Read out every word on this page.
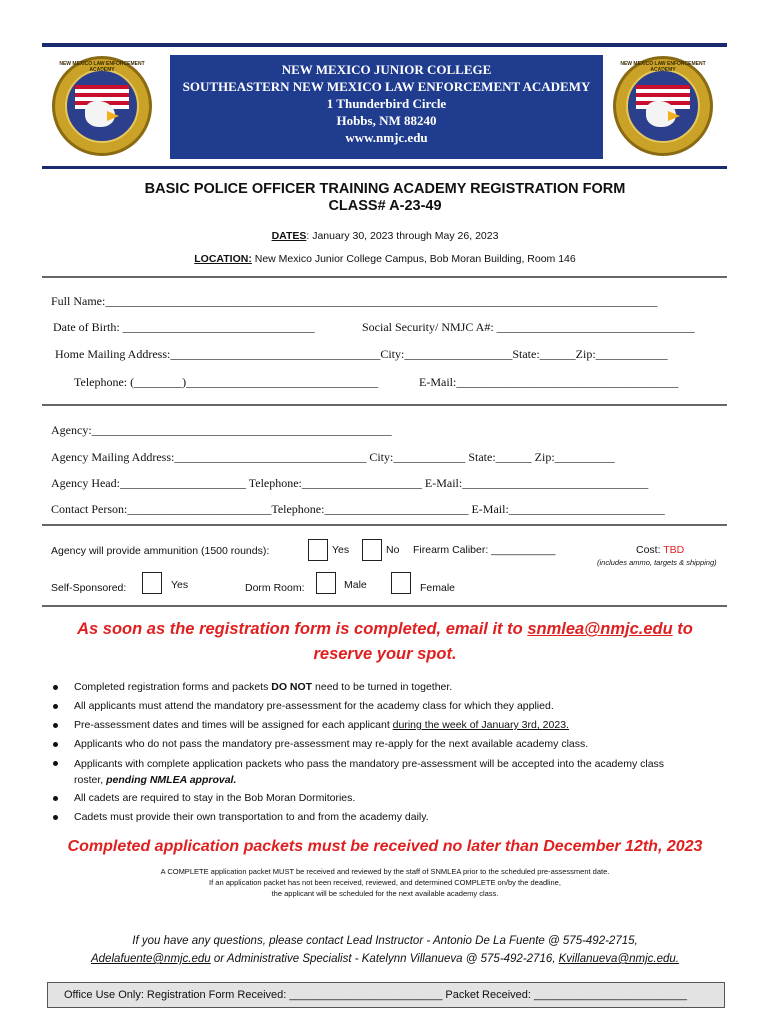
NEW MEXICO LAW ENFORCEMENT ACADEMY
NEW MEXICO LAW ENFORCEMENT ACADEMY
NEW MEXICO JUNIOR COLLEGE
SOUTHEASTERN NEW MEXICO LAW ENFORCEMENT ACADEMY
1 Thunderbird Circle
Hobbs, NM 88240
www.nmjc.edu
BASIC POLICE OFFICER TRAINING ACADEMY REGISTRATION FORM
CLASS# A-23-49
DATES: January 30, 2023 through May 26, 2023
LOCATION: New Mexico Junior College Campus, Bob Moran Building, Room 146
Full Name:____________________________________________________________________________________________
Date of Birth: ________________________________	Social Security/ NMJC A#: _________________________________
Home Mailing Address:___________________________________City:__________________State:______Zip:____________
Telephone: (________)________________________________	E-Mail:_____________________________________
Agency:__________________________________________________
Agency Mailing Address:________________________________ City:____________ State:______ Zip:__________
Agency Head:_____________________ Telephone:____________________ E-Mail:_______________________________
Contact Person:________________________Telephone:________________________ E-Mail:__________________________
Agency will provide ammunition (1500 rounds):	Yes	No Firearm Caliber: ___________	Cost: TBD
(includes ammo, targets & shipping)
Self-Sponsored:	Yes	Dorm Room:	Male	Female
As soon as the registration form is completed, email it to snmlea@nmjc.edu to
reserve your spot.
Completed registration forms and packets DO NOT need to be turned in together.
All applicants must attend the mandatory pre-assessment for the academy class for which they applied.
Pre-assessment dates and times will be assigned for each applicant during the week of January 3rd, 2023.
Applicants who do not pass the mandatory pre-assessment may re-apply for the next available academy class.
Applicants with complete application packets who pass the mandatory pre-assessment will be accepted into the academy class
roster, pending NMLEA approval.
All cadets are required to stay in the Bob Moran Dormitories.
Cadets must provide their own transportation to and from the academy daily.
Completed application packets must be received no later than December 12th, 2023
A COMPLETE application packet MUST be received and reviewed by the staff of SNMLEA prior to the scheduled pre-assessment date.
If an application packet has not been received, reviewed, and determined COMPLETE on/by the deadline,
the applicant will be scheduled for the next available academy class.
If you have any questions, please contact Lead Instructor - Antonio De La Fuente @ 575-492-2715,
Adelafuente@nmjc.edu or Administrative Specialist - Katelynn Villanueva @ 575-492-2716, Kvillanueva@nmjc.edu.
Office Use Only: Registration Form Received: _________________________ Packet Received: _________________________
